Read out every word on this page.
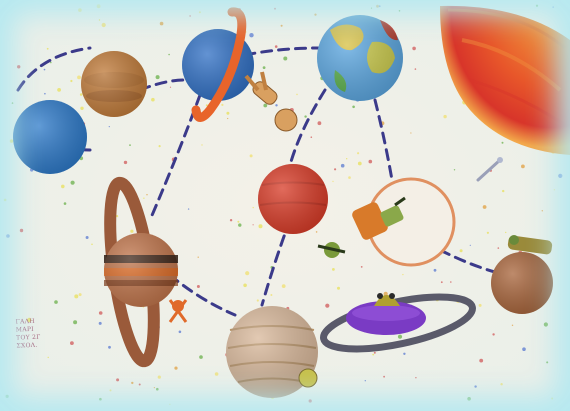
ΓΑΛΗ
ΜΑΡΙ
ΤΟΥ 2Γ
ΣΧΟΛ.
